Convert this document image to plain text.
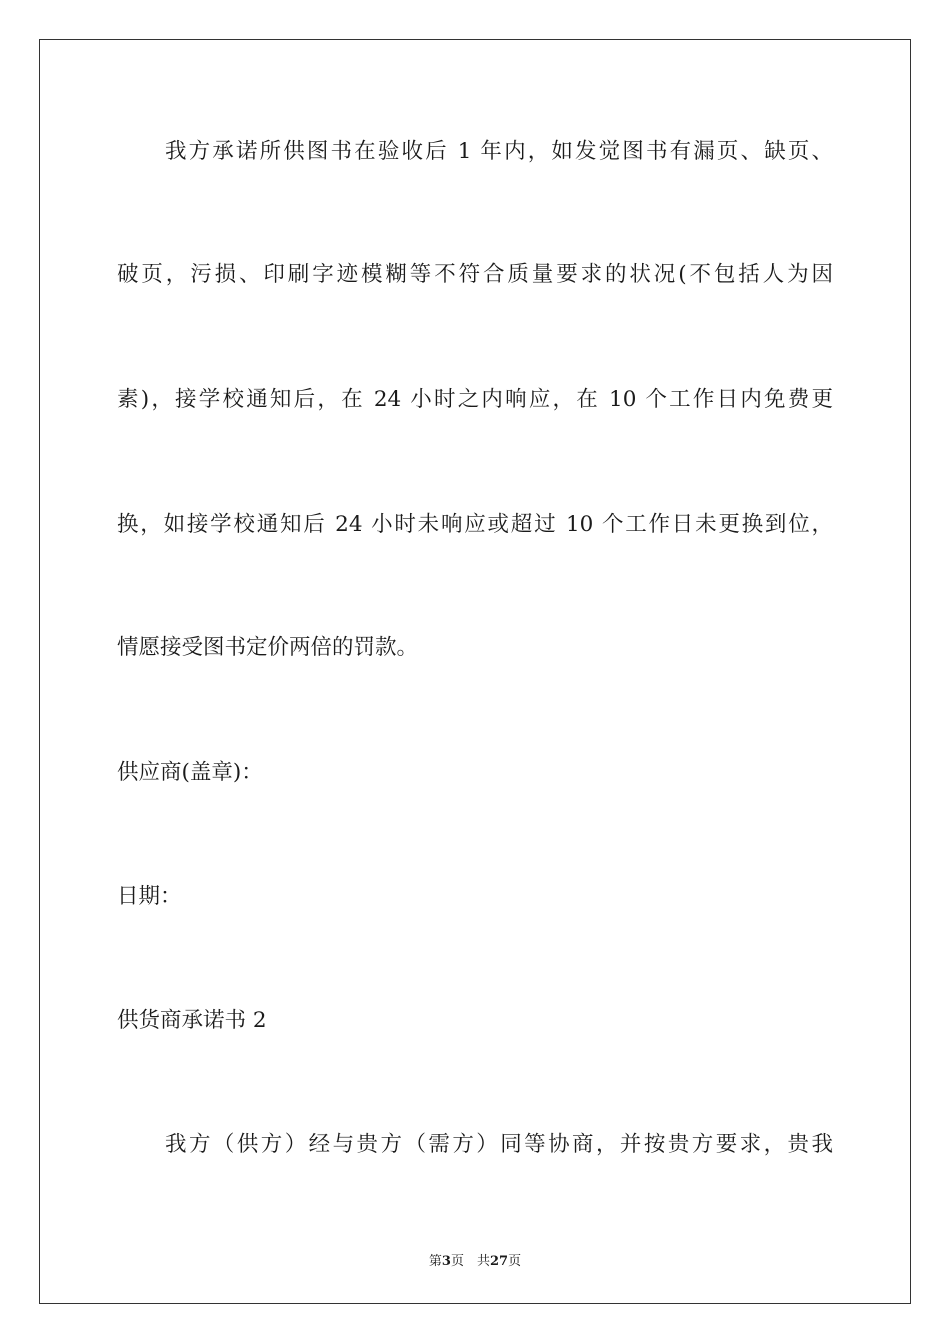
我方承诺所供图书在验收后 1 年内，如发觉图书有漏页、缺页、
破页，污损、印刷字迹模糊等不符合质量要求的状况(不包括人为因
素)，接学校通知后，在 24 小时之内响应，在 10 个工作日内免费更
换，如接学校通知后 24 小时未响应或超过 10 个工作日未更换到位，
情愿接受图书定价两倍的罚款。
供应商(盖章)：
日期：
供货商承诺书 2
我方（供方）经与贵方（需方）同等协商，并按贵方要求，贵我
第3页　共27页
